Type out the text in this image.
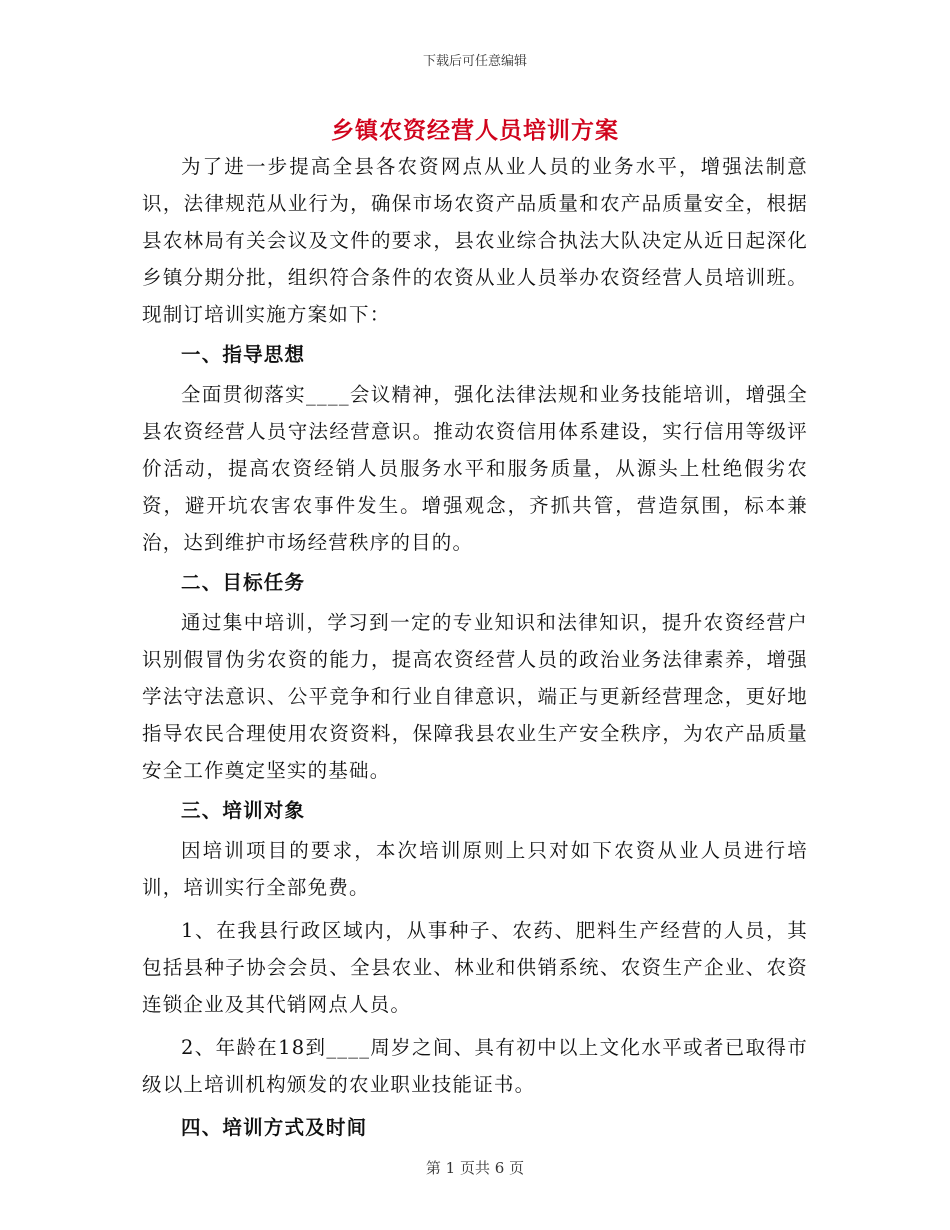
下载后可任意编辑
乡镇农资经营人员培训方案

为了进一步提高全县各农资网点从业人员的业务水平，增强法制意识，法律规范从业行为，确保市场农资产品质量和农产品质量安全，根据县农林局有关会议及文件的要求，县农业综合执法大队决定从近日起深化乡镇分期分批，组织符合条件的农资从业人员举办农资经营人员培训班。现制订培训实施方案如下：

一、指导思想

全面贯彻落实____会议精神，强化法律法规和业务技能培训，增强全县农资经营人员守法经营意识。推动农资信用体系建设，实行信用等级评价活动，提高农资经销人员服务水平和服务质量，从源头上杜绝假劣农资，避开坑农害农事件发生。增强观念，齐抓共管，营造氛围，标本兼治，达到维护市场经营秩序的目的。

二、目标任务

通过集中培训，学习到一定的专业知识和法律知识，提升农资经营户识别假冒伪劣农资的能力，提高农资经营人员的政治业务法律素养，增强学法守法意识、公平竞争和行业自律意识，端正与更新经营理念，更好地指导农民合理使用农资资料，保障我县农业生产安全秩序，为农产品质量安全工作奠定坚实的基础。

三、培训对象

因培训项目的要求，本次培训原则上只对如下农资从业人员进行培训，培训实行全部免费。

1、在我县行政区域内，从事种子、农药、肥料生产经营的人员，其包括县种子协会会员、全县农业、林业和供销系统、农资生产企业、农资连锁企业及其代销网点人员。

2、年龄在18到____周岁之间、具有初中以上文化水平或者已取得市级以上培训机构颁发的农业职业技能证书。

四、培训方式及时间

第 1 页共 6 页
